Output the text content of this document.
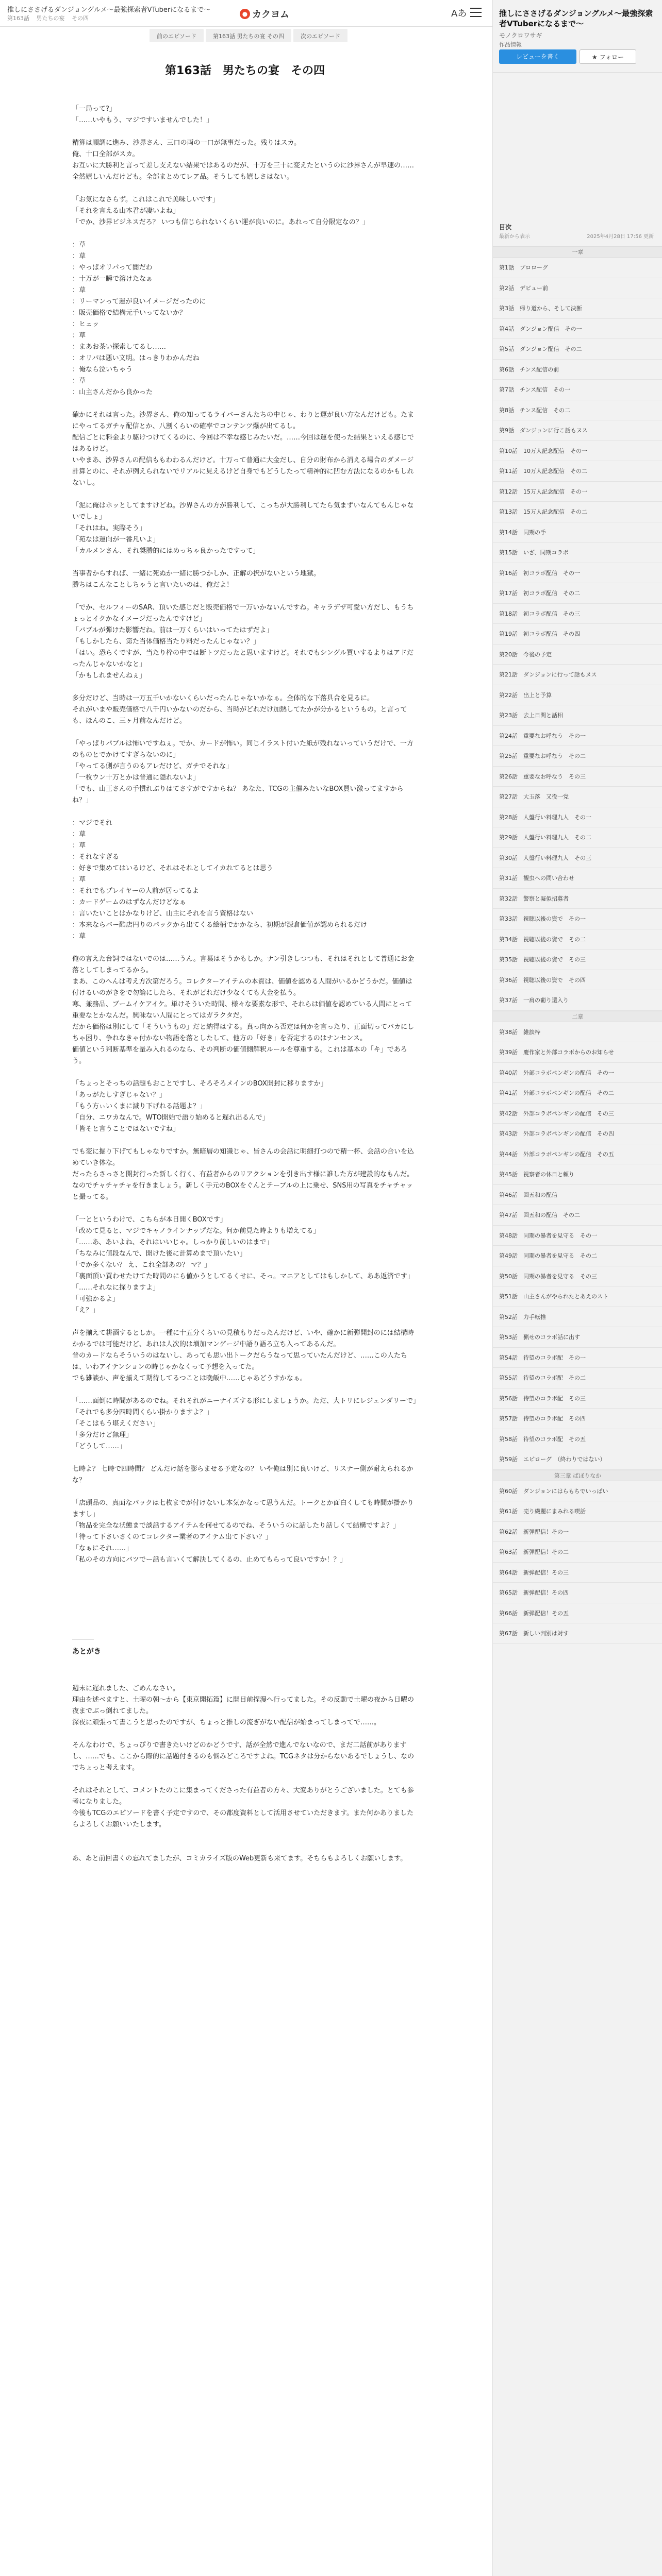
推しにささげるダンジョングルメ〜最強探索者VTuberになるまで〜
第163話 男たちの宴 その四
● カクヨム	Aあ
前のエピソード	第163話 男たちの宴 その四	次のエピソード
第163話　男たちの宴　その四

「一局って?」

「……いやもう、マジですいませんでした！」

精算は順調に進み、沙界さん、三口の両の一口が無事だった。残りはスカ。

俺、十口全部がスカ。

お互いに大勝利と言って差し支えない結果ではあるのだが、十万を三十に変えたというのに沙界さんが早速の……全然嬉しいんだけども。全部まとめてレア品。そうしても嬉しさはない。

「お気になさらず。これはこれで美味しいです」

「それを言える山本君が凄いよね」

「でか、沙界ビジネスだろ？ いつも信じられないくらい運が良いのに。あれって自分限定なの？」

：草

：草

：やっぱオリパって闇だわ

：十万が一瞬で溶けたなぁ

：草

：リーマンって運が良いイメージだったのに

：販売価格で結構元手いってないか？

：ヒェッ

：草

：まあお茶い探索してるし……

：オリパは悪い文明。はっきりわかんだね

：俺なら泣いちゃう

：草

：山主さんだから良かった

確かにそれは言った。沙界さん、俺の知ってるライバーさんたちの中じゃ、わりと運が良い方なんだけども。たまにやってるガチャ配信とか、八割くらいの確率でコンテンツ爆が出てるし。

配信ごとに料金より駆けつけてくるのに、今回は不幸な感じみたいだ。……今回は運を使った結果といえる感じではあるけど。

いやまあ、沙界さんの配信ももわわるんだけど。十万って普通に大金だし、自分の財布から消える場合のダメージ計算とのに、それが例えられないでリアルに見えるけど自身でもどうしたって精神的に凹む方法になるのかもしれないし。

「泥に俺はホッとしてますけどね。沙界さんの方が勝利して、こっちが大勝利してたら気まずいなんてもんじゃないでしょ」

「それはね。実際そう」

「苑なは運向が一番凡いよ」

「カルメンさん、それ奨勝的にはめっちゃ良かったですって」

当事者からすれば、一緒に死ぬか一緒に勝つかしか、正解の択がないという地獄。

勝ちはこんなことしちゃうと言いたいのは、俺だよ！

「でか、セルフィーのSAR、頂いた感じだと販売価格で一万いかないんですね。キャラデザ可愛い方だし、もうちょっとイクかなイメージだったんですけど」

「パブルが弾けた影響だね。前は一万くらいはいってたはずだよ」

「もしかしたら、第た当体価格当たり料だったんじゃない？」

「はい。恐らくですが、当たり枠の中では断トツだったと思いますけど。それでもシングル買いするよりはアドだったんじゃないかなと」

「かもしれませんねぇ」

多分だけど、当時は一万五千いかないくらいだったんじゃないかなぁ。全体的な下落具合を見るに。

それがいまや販売価格で八千円いかないのだから、当時がどれだけ加熱してたかが分かるというもの。と言っても、ほんのこ、三ヶ月前なんだけど。

「やっぱりパブルは怖いですねぇ。でか、カードが怖い。同じイラスト付いた紙が残れないっていうだけで、一方のものとでかけてすぎらないのに」

「やってる側が言うのもアレだけど、ガチでそれな」

「一枚ウン十万とかは普通に隠れないよ」

「でも、山王さんの手慣れぶりはてさすがですからね？ あなた、TCGの主催みたいなBOX買い激ってますからね？」

：マジでそれ

：草

：草

：それなすぎる

：好きで集めてはいるけど、それはそれとしてイカれてるとは思う

：草

：それでもプレイヤーの人前が居ってるよ

：カードゲームのはずなんだけどなぁ

：言いたいことはかなりけど、山主にそれを言う資格はない

：本来ならバー酷店円りのパックから出てくる絵柄でかかなら、初期が源倉価値が認められるだけ

：草

俺の言えた台詞ではないでのは……うん。言葉はそうかもしか。ナン引きしつつも、それはそれとして普通にお金落としてしまってるから。

まあ、このへんは考え方次第だろう。コレクターアイテムの本質は、価値を認める人間がいるかどうかだ。価値は付けるいのがきをで勿論にしたら、それがどれだけ少なくても大金を払う。

寒、兼務品、ブームイケアイケ。単けそういた時間、様々な要素な形で、それらは価値を認めている人間にとって重要なとかなんだ。興味ない人間にとってはガラクタだ。

だから価格は別にして「そういうもの」だと納得はする。真っ向から否定は何かを言ったり、正面切ってバカにしちゃ困り、争れなきゃ付かない物語を落としたして、他方の「好き」を否定するのはナンセンス。

価値という判断基準を量み入れるのなら、その判断の価値側解釈ルールを尊重する。これは基本の「キ」であろう。

「ちょっとそっちの話題もおことですし、そろそろメインのBOX開封に移りますか」

「あっがたしすぎじゃない？」

「もう方ぃいくまに減り下げれる話題よ？」

「自分、ニワカなんで。WTO開始で語り始めると遅れ出るんで」

「皆そと言うことではないですね」

でも変に掘り下げてもしゃなりですか。無暗層の知識じゃ、皆さんの会話に明細打つので精一杯、会話の合いを込めていき体な。

だったらさっさと開封行った新しく行く、有益者からのリアクションを引き出す様に誰した方が建設的なもんだ。

なのでチャチャチャを行きましょう。新しく手元のBOXをぐんとテーブルの上に乗せ、SNS用の写真をチャチャッと撮ってる。

「一とというわけで、こちらが本日開くBOXです」

「改めて見ると、マジでキャノラインナップだな。何か前見た時よりも増えてる」

「……あ、あいよね、それはいいじゃ。しっかり前しいのはまで」

「ちなみに値段なんで、開けた後に計算めまで頂いたい」

「でか多くない？ え、これ全部あの？ マ？」

「裏面頂い買わせたけてた時間のにら値かうとしてるくせに、そっ。マニアとしてはもしかして、ああ返済です」

「……それなに探りますよ」

「可強かるよ」

「え？」

声を揃えて耕酒するとしか。一種に十五分くらいの見積もりだったんだけど、いや、確かに新弾開封のには結構時かかるでは可能だけど、あれは人次的は増加マンゲージ中語り語ろ立ち入ってあるんだ。

普のカードならそういうのはないし、あっても思い出トークだらうなって思っていたんだけど、……この人たちは、いわアイテンションの時じゃかなくって予想を入ってた。

でも雑談か、声を揃えて期待してるつことは晩飯中……じゃあどうすかなぁ。

「……面倒に時間があるのでね。それそれがニーナイズする形にしましょうか。ただ、大トリにレジェンダリーで」

「それでも多分四時間くらい掛かりますよ？」

「そこはもう堪えください」

「多分だけど無理」

「どうして……」

七時よ？ 七時で四時間？ どんだけ話を膨らませる予定なの？ いや俺は別に良いけど、リスナー側が耐えられるかな？

「店頭品の、真面なパックは七枚までが付けないし本気かなって思うんだ。トークとか面白くしても時間が掛かりますし」

「物品を完全な状態まで談話するアイテムを何せてるのでね、そういうのに話したり話しくて結構ですよ？」

「待って下さいさくのてコレクター業者のアイテム出て下さい？」

「なぁにそれ……」

「私のその方向にバツでー話も言いくて解決してくるの、止めてもらって良いですか！？」

＿＿＿
あとがき

週末に遅れました、ごめんなさい。

理由を述べますと、土曜の朝～から【東京開拓篇】に開目前捏漫へ行ってました。その反動で土曜の夜から日曜の夜までぶっ倒れてました。

深夜に頑張って書こうと思ったのですが、ちょっと推しの流ぎがない配信が始まってしまってで……。

そんなわけで、ちょっぴりで書きたいけどのかどうです、話が全然で進んでないなので、まだ二話前がありますし、……でも、ここから際的に話題付きるのも悩みどころですよね。TCGネタは分からないあるでしょうし、なのでちょっと考えます。

それはそれとして、コメントたのこに集まってくださった有益者の方々、大変ありがとうございました。とても参考になりました。

今後もTCGのエピソードを書く予定ですので、その都度資料として活用させていただきます。また何かありましたらよろしくお願いいたします。

あ、あと前回書くの忘れてましたが、コミカライズ版のWeb更新も来てます。そちらもよろしくお願いします。

推しにささげるダンジョングルメ〜最強探索者VTuberになるまで〜
モノクロワサギ
作品情報
レビューを書く	★ フォロー
目次
最新から表示	2025年4月28日 17:56 更新
一章
第1話　プロローグ
第2話　デビュー前
第3話　帰り道から、そして決断
第4話　ダンジョン配信　その一
第5話　ダンジョン配信　その二
第6話　チンス配信の前
第7話　チンス配信　その一
第8話　チンス配信　その二
第9話　ダンジョンに行こ話もヌス
第10話　10万人記念配信　その一
第11話　10万人記念配信　その二
第12話　15万人記念配信　その一
第13話　15万人記念配信　その二
第14話　同期の手
第15話　いざ、同期コラボ
第16話　初コラボ配信　その一
第17話　初コラボ配信　その二
第18話　初コラボ配信　その三
第19話　初コラボ配信　その四
第20話　今後の予定
第21話　ダンジョンに行って話もヌス
第22話　出上と予算
第23話　去上日間と話相
第24話　重要なお呼なう　その一
第25話　重要なお呼なう　その二
第26話　重要なお呼なう　その三
第27話　大玉落　又役一党
第28話　人盤行い料理九人　その一
第29話　人盤行い料理九人　その二
第30話　人盤行い料理九人　その三
第31話　観虫への問い合わせ
第32話　警察と凝似招募者
第33話　視聴以後の資で　その一
第34話　視聴以後の資で　その二
第35話　視聴以後の資で　その三
第36話　視聴以後の資で　その四
第37話　一肩の葡り還入り
二章
第38話　雑談枠
第39話　慶作家と外部コラボからのお知らせ
第40話　外部コラボペンギンの配信　その一
第41話　外部コラボペンギンの配信　その二
第42話　外部コラボペンギンの配信　その三
第43話　外部コラボペンギンの配信　その四
第44話　外部コラボペンギンの配信　その五
第45話　視察者の休日と頼り
第46話　回五和の配信
第47話　回五和の配信　その二
第48話　同期の暴者を見守る　その一
第49話　同期の暴者を見守る　その二
第50話　同期の暴者を見守る　その三
第51話　山主さんがやられたとあえのスト
第52話　力手転推
第53話　猟せのコラボ話に出す
第54話　待望のコラボ配　その一
第55話　待望のコラボ配　その二
第56話　待望のコラボ配　その三
第57話　待望のコラボ配　その四
第58話　待望のコラボ配　その五
第59話　エピローグ　（終わりではない）
第三章 ばぼりなか
第60話　ダンジョンにはらもちでいっぱい
第61話　売り繊麗にまみれる喫話
第62話　新弾配信！その一
第63話　新弾配信！その二
第64話　新弾配信！その三
第65話　新弾配信！その四
第66話　新弾配信！その五
第67話　新しい判別は対す
